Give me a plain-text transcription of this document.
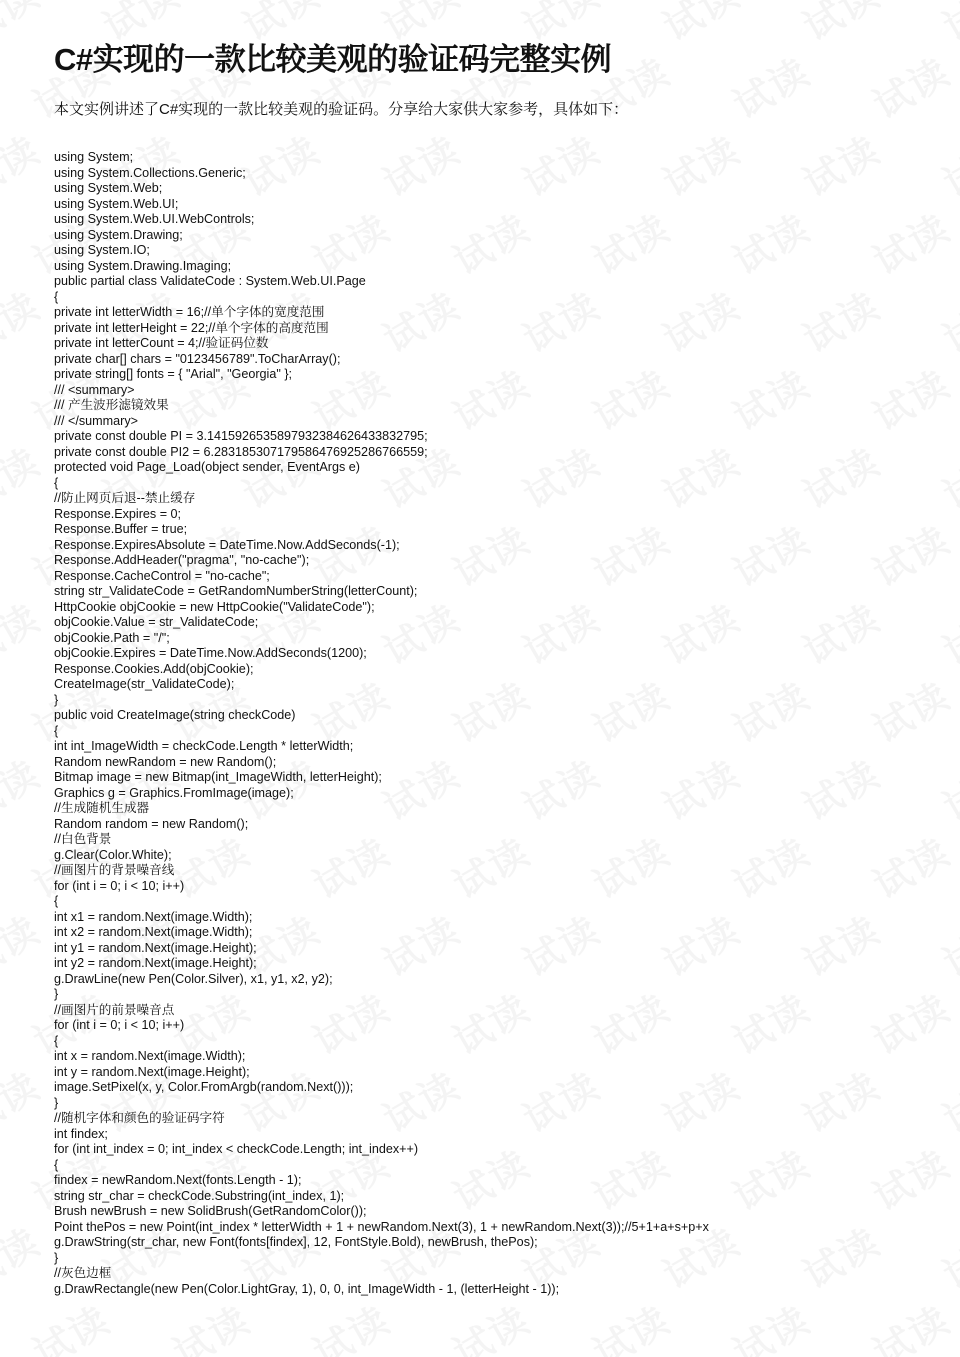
C#实现的一款比较美观的验证码完整实例

本文实例讲述了C#实现的一款比较美观的验证码。分享给大家供大家参考，具体如下：

using System;
using System.Collections.Generic;
using System.Web;
using System.Web.UI;
using System.Web.UI.WebControls;
using System.Drawing;
using System.IO;
using System.Drawing.Imaging;
public partial class ValidateCode : System.Web.UI.Page
{
private int letterWidth = 16;//单个字体的宽度范围
private int letterHeight = 22;//单个字体的高度范围
private int letterCount = 4;//验证码位数
private char[] chars = "0123456789".ToCharArray();
private string[] fonts = { "Arial", "Georgia" };
/// <summary>
/// 产生波形滤镜效果
/// </summary>
private const double PI = 3.1415926535897932384626433832795;
private const double PI2 = 6.283185307179586476925286766559;
protected void Page_Load(object sender, EventArgs e)
{
//防止网页后退--禁止缓存
Response.Expires = 0;
Response.Buffer = true;
Response.ExpiresAbsolute = DateTime.Now.AddSeconds(-1);
Response.AddHeader("pragma", "no-cache");
Response.CacheControl = "no-cache";
string str_ValidateCode = GetRandomNumberString(letterCount);
HttpCookie objCookie = new HttpCookie("ValidateCode");
objCookie.Value = str_ValidateCode;
objCookie.Path = "/";
objCookie.Expires = DateTime.Now.AddSeconds(1200);
Response.Cookies.Add(objCookie);
CreateImage(str_ValidateCode);
}
public void CreateImage(string checkCode)
{
int int_ImageWidth = checkCode.Length * letterWidth;
Random newRandom = new Random();
Bitmap image = new Bitmap(int_ImageWidth, letterHeight);
Graphics g = Graphics.FromImage(image);
//生成随机生成器
Random random = new Random();
//白色背景
g.Clear(Color.White);
//画图片的背景噪音线
for (int i = 0; i < 10; i++)
{
int x1 = random.Next(image.Width);
int x2 = random.Next(image.Width);
int y1 = random.Next(image.Height);
int y2 = random.Next(image.Height);
g.DrawLine(new Pen(Color.Silver), x1, y1, x2, y2);
}
//画图片的前景噪音点
for (int i = 0; i < 10; i++)
{
int x = random.Next(image.Width);
int y = random.Next(image.Height);
image.SetPixel(x, y, Color.FromArgb(random.Next()));
}
//随机字体和颜色的验证码字符
int findex;
for (int int_index = 0; int_index < checkCode.Length; int_index++)
{
findex = newRandom.Next(fonts.Length - 1);
string str_char = checkCode.Substring(int_index, 1);
Brush newBrush = new SolidBrush(GetRandomColor());
Point thePos = new Point(int_index * letterWidth + 1 + newRandom.Next(3), 1 + newRandom.Next(3));//5+1+a+s+p+x
g.DrawString(str_char, new Font(fonts[findex], 12, FontStyle.Bold), newBrush, thePos);
}
//灰色边框
g.DrawRectangle(new Pen(Color.LightGray, 1), 0, 0, int_ImageWidth - 1, (letterHeight - 1));
